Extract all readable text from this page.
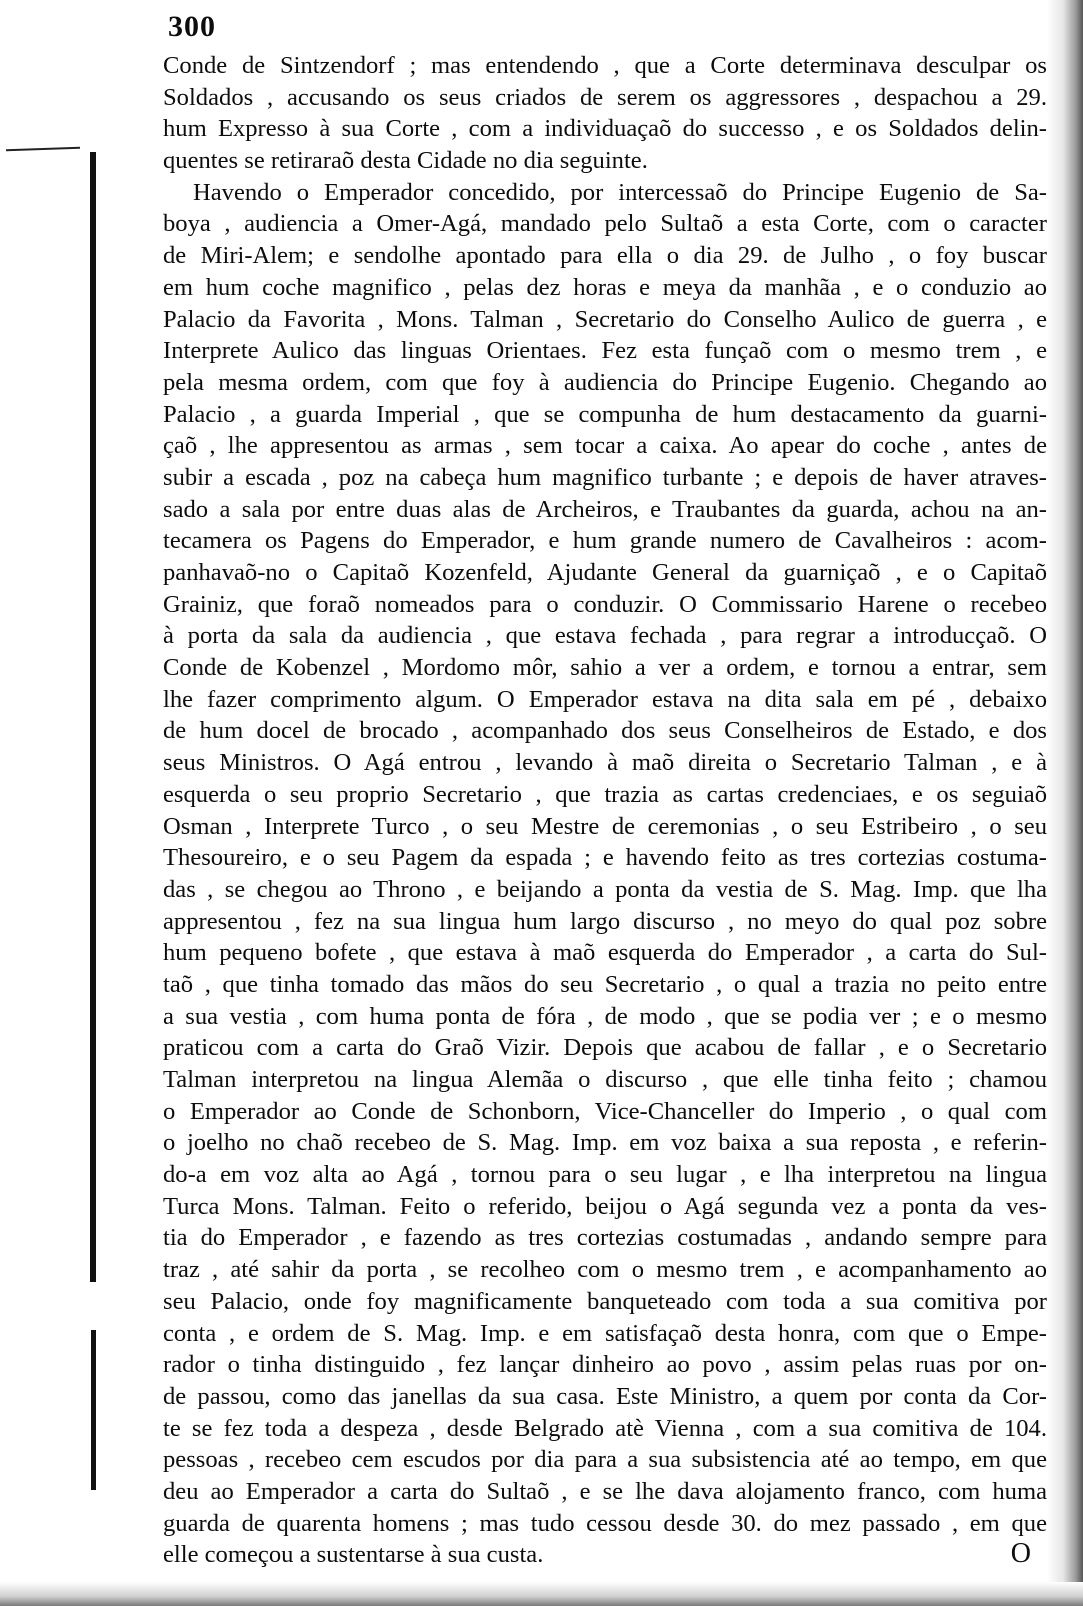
300
Conde de Sintzendorf ; mas entendendo , que a Corte determinava desculpar os
Soldados , accusando os seus criados de serem os aggressores , despachou a 29.
hum Expresso à sua Corte , com a individuaçaõ do successo , e os Soldados delin-
quentes se retiraraõ desta Cidade no dia seguinte.
Havendo o Emperador concedido, por intercessaõ do Principe Eugenio de Sa-
boya , audiencia a Omer-Agá, mandado pelo Sultaõ a esta Corte, com o caracter
de Miri-Alem; e sendolhe apontado para ella o dia 29. de Julho , o foy buscar
em hum coche magnifico , pelas dez horas e meya da manhãa , e o conduzio ao
Palacio da Favorita , Mons. Talman , Secretario do Conselho Aulico de guerra , e
Interprete Aulico das linguas Orientaes. Fez esta funçaõ com o mesmo trem , e
pela mesma ordem, com que foy à audiencia do Principe Eugenio. Chegando ao
Palacio , a guarda Imperial , que se compunha de hum destacamento da guarni-
çaõ , lhe appresentou as armas , sem tocar a caixa. Ao apear do coche , antes de
subir a escada , poz na cabeça hum magnifico turbante ; e depois de haver atraves-
sado a sala por entre duas alas de Archeiros, e Traubantes da guarda, achou na an-
tecamera os Pagens do Emperador, e hum grande numero de Cavalheiros : acom-
panhavaõ-no o Capitaõ Kozenfeld, Ajudante General da guarniçaõ , e o Capitaõ
Grainiz, que foraõ nomeados para o conduzir. O Commissario Harene o recebeo
à porta da sala da audiencia , que estava fechada , para regrar a introducçaõ. O
Conde de Kobenzel , Mordomo môr, sahio a ver a ordem, e tornou a entrar, sem
lhe fazer comprimento algum. O Emperador estava na dita sala em pé , debaixo
de hum docel de brocado , acompanhado dos seus Conselheiros de Estado, e dos
seus Ministros. O Agá entrou , levando à maõ direita o Secretario Talman , e à
esquerda o seu proprio Secretario , que trazia as cartas credenciaes, e os seguiaõ
Osman , Interprete Turco , o seu Mestre de ceremonias , o seu Estribeiro , o seu
Thesoureiro, e o seu Pagem da espada ; e havendo feito as tres cortezias costuma-
das , se chegou ao Throno , e beijando a ponta da vestia de S. Mag. Imp. que lha
appresentou , fez na sua lingua hum largo discurso , no meyo do qual poz sobre
hum pequeno bofete , que estava à maõ esquerda do Emperador , a carta do Sul-
taõ , que tinha tomado das mãos do seu Secretario , o qual a trazia no peito entre
a sua vestia , com huma ponta de fóra , de modo , que se podia ver ; e o mesmo
praticou com a carta do Graõ Vizir. Depois que acabou de fallar , e o Secretario
Talman interpretou na lingua Alemãa o discurso , que elle tinha feito ; chamou
o Emperador ao Conde de Schonborn, Vice-Chanceller do Imperio , o qual com
o joelho no chaõ recebeo de S. Mag. Imp. em voz baixa a sua reposta , e referin-
do-a em voz alta ao Agá , tornou para o seu lugar , e lha interpretou na lingua
Turca Mons. Talman. Feito o referido, beijou o Agá segunda vez a ponta da ves-
tia do Emperador , e fazendo as tres cortezias costumadas , andando sempre para
traz , até sahir da porta , se recolheo com o mesmo trem , e acompanhamento ao
seu Palacio, onde foy magnificamente banqueteado com toda a sua comitiva por
conta , e ordem de S. Mag. Imp. e em satisfaçaõ desta honra, com que o Empe-
rador o tinha distinguido , fez lançar dinheiro ao povo , assim pelas ruas por on-
de passou, como das janellas da sua casa. Este Ministro, a quem por conta da Cor-
te se fez toda a despeza , desde Belgrado atè Vienna , com a sua comitiva de 104.
pessoas , recebeo cem escudos por dia para a sua subsistencia até ao tempo, em que
deu ao Emperador a carta do Sultaõ , e se lhe dava alojamento franco, com huma
guarda de quarenta homens ; mas tudo cessou desde 30. do mez passado , em que
elle começou a sustentarse à sua custa.	O
